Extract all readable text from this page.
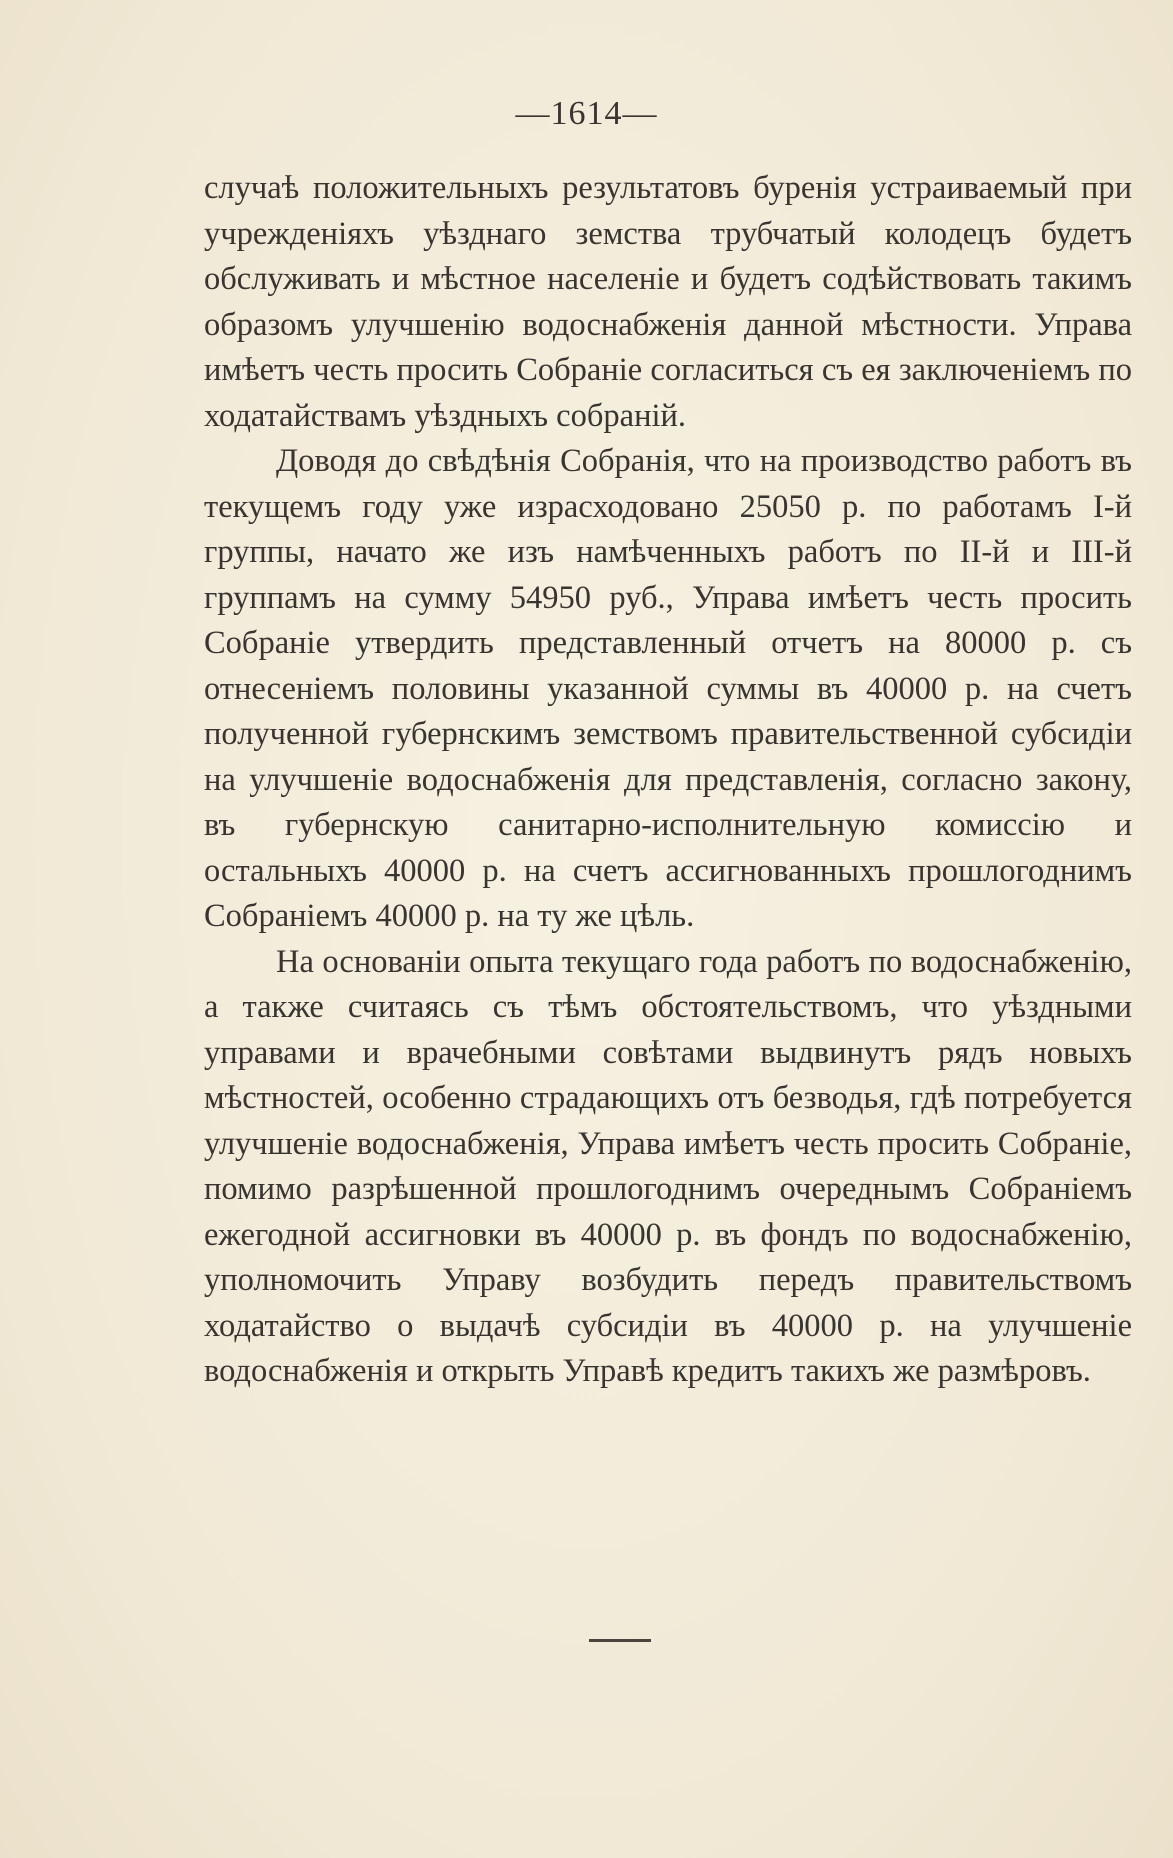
—1614—

случаѣ положительныхъ результатовъ буренія устраиваемый при учрежденіяхъ уѣзднаго земства трубчатый колодецъ будетъ обслуживать и мѣстное населеніе и будетъ содѣйствовать такимъ образомъ улучшенію водоснабженія данной мѣстности. Управа имѣетъ честь просить Собраніе согласиться съ ея заключеніемъ по ходатайствамъ уѣздныхъ собраній.

Доводя до свѣдѣнія Собранія, что на производство работъ въ текущемъ году уже израсходовано 25050 р. по работамъ I-й группы, начато же изъ намѣченныхъ работъ по II-й и III-й группамъ на сумму 54950 руб., Управа имѣетъ честь просить Собраніе утвердить представленный отчетъ на 80000 р. съ отнесеніемъ половины указанной суммы въ 40000 р. на счетъ полученной губернскимъ земствомъ правительственной субсидіи на улучшеніе водоснабженія для представленія, согласно закону, въ губернскую санитарно-исполнительную комиссію и остальныхъ 40000 р. на счетъ ассигнованныхъ прошлогоднимъ Собраніемъ 40000 р. на ту же цѣль.

На основаніи опыта текущаго года работъ по водоснабженію, а также считаясь съ тѣмъ обстоятельствомъ, что уѣздными управами и врачебными совѣтами выдвинутъ рядъ новыхъ мѣстностей, особенно страдающихъ отъ безводья, гдѣ потребуется улучшеніе водоснабженія, Управа имѣетъ честь просить Собраніе, помимо разрѣшенной прошлогоднимъ очереднымъ Собраніемъ ежегодной ассигновки въ 40000 р. въ фондъ по водоснабженію, уполномочить Управу возбудить передъ правительствомъ ходатайство о выдачѣ субсидіи въ 40000 р. на улучшеніе водоснабженія и открыть Управѣ кредитъ такихъ же размѣровъ.
